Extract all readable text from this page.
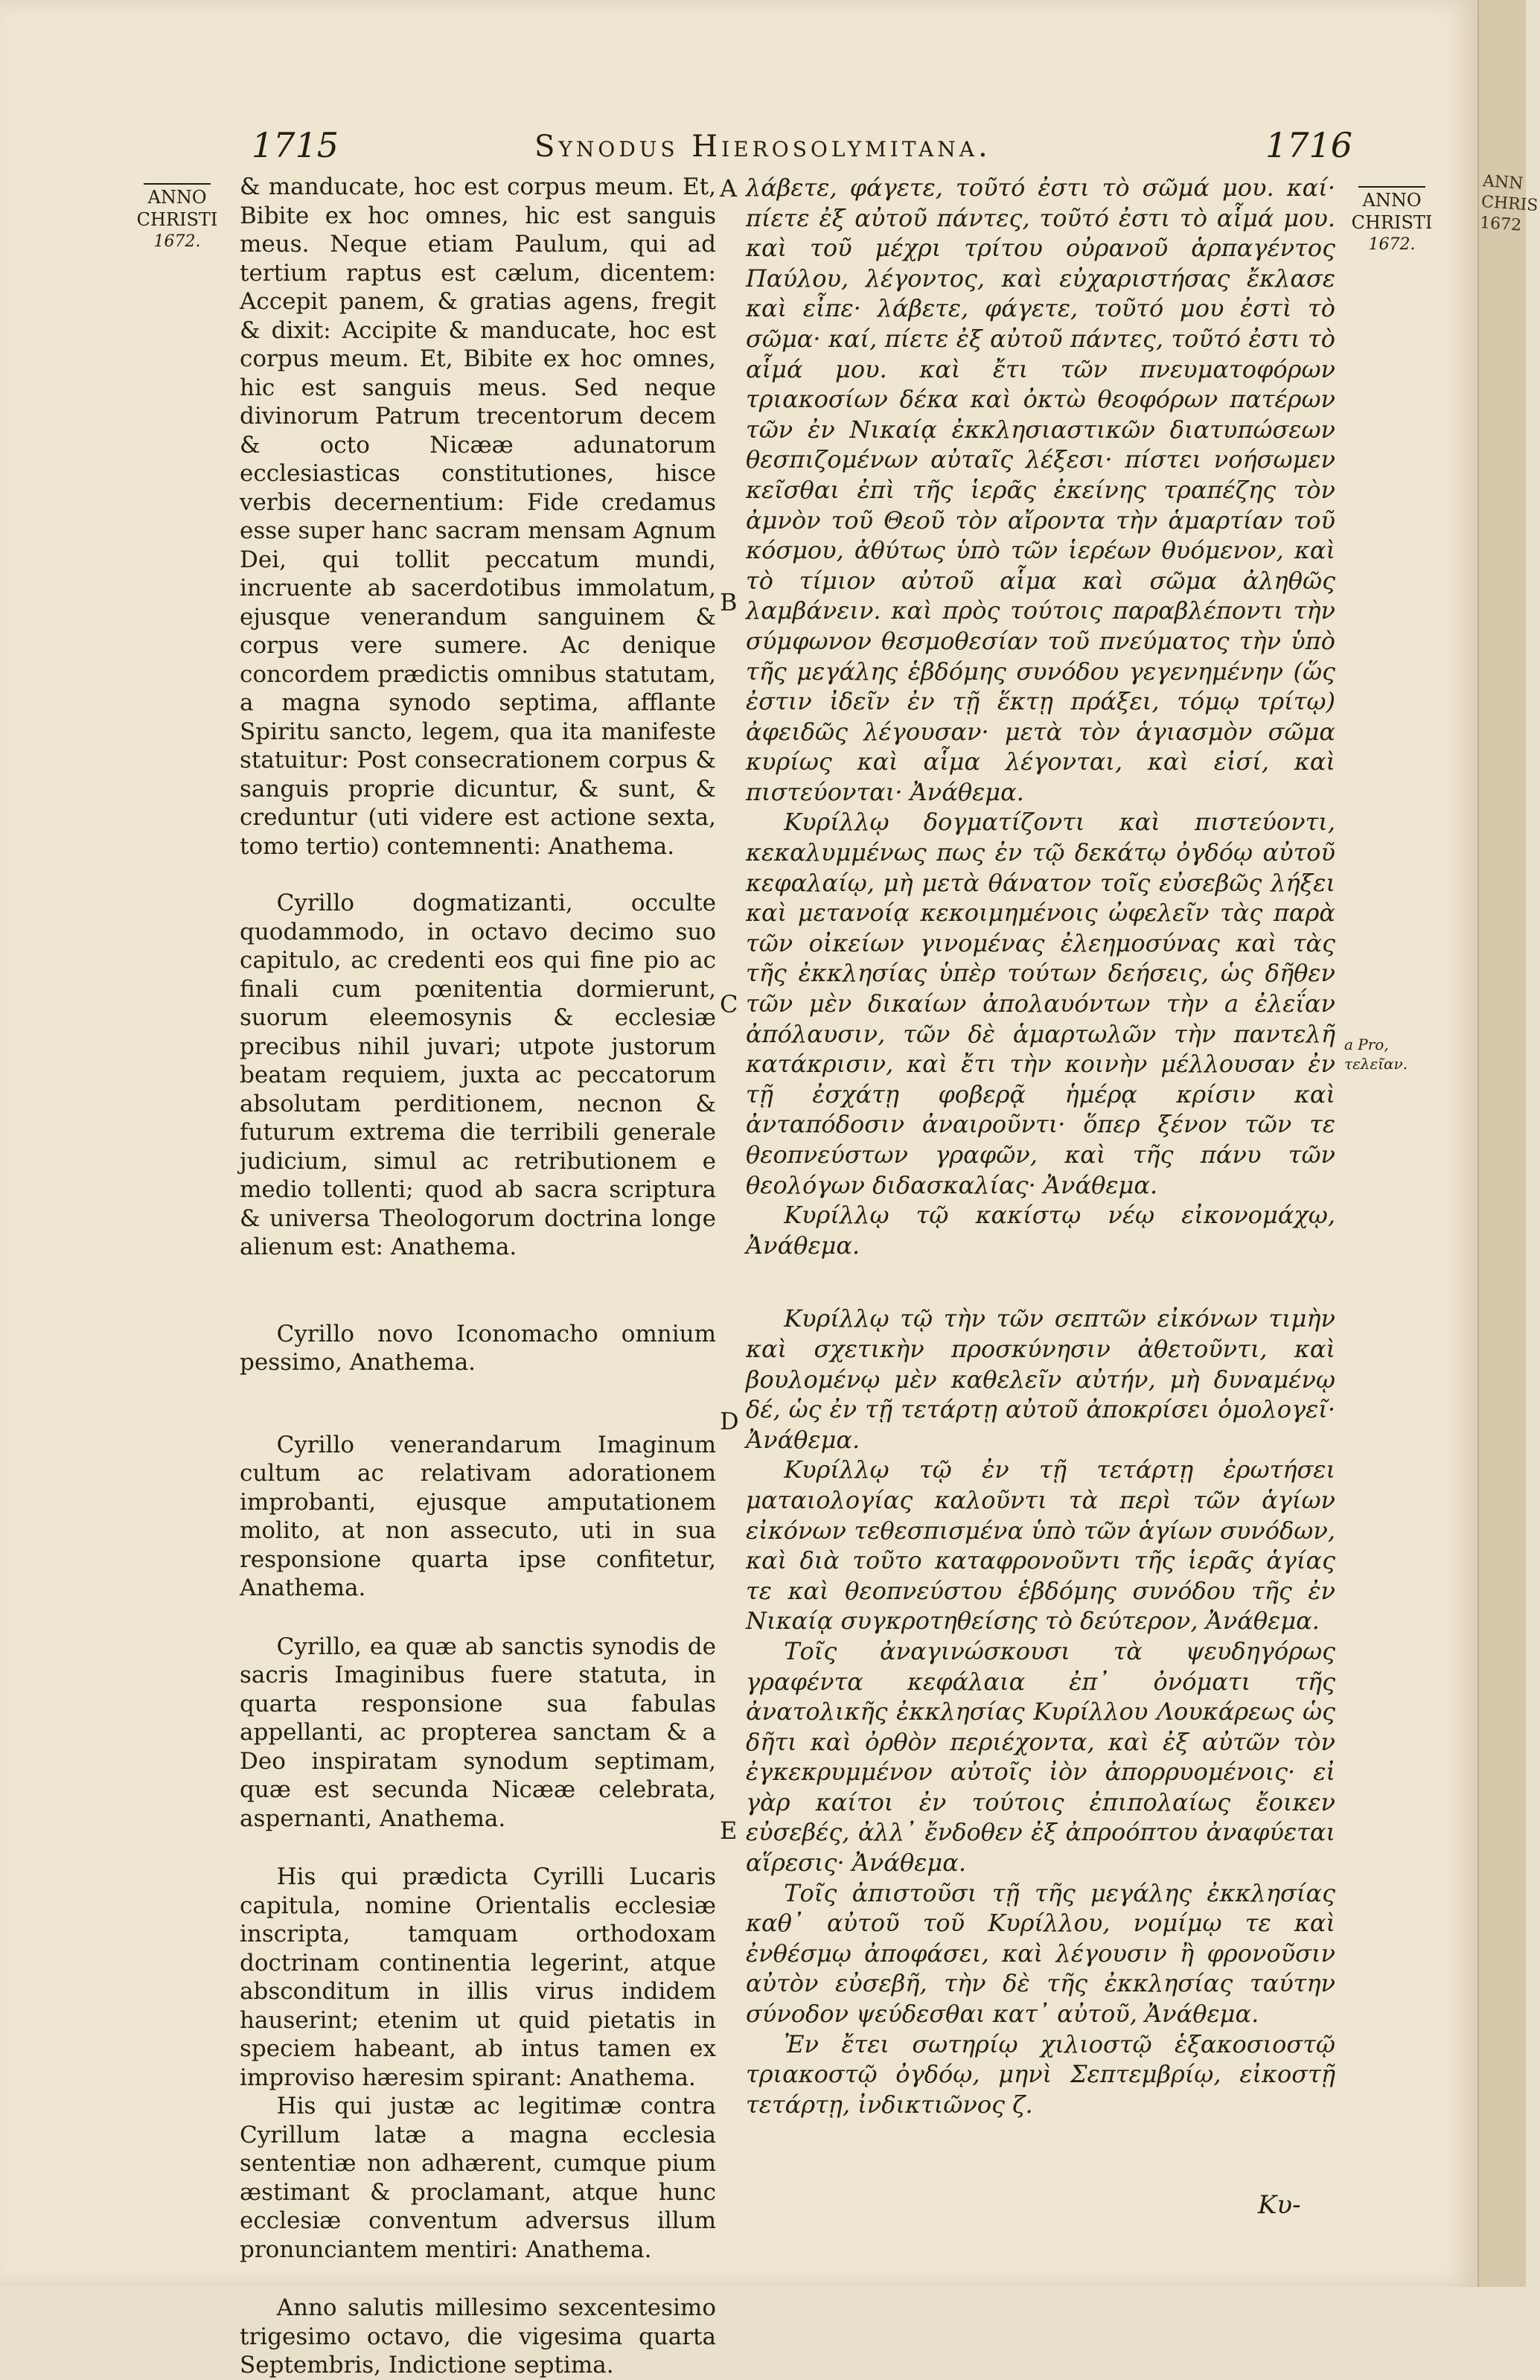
1715	Synodus Hierosolymitana.	1716
ANNO
CHRISTI
1672.
ANNO
CHRISTI
1672.

& manducate, hoc est corpus meum. Et, Bibite ex hoc omnes, hic est sanguis meus. Neque etiam Paulum, qui ad tertium raptus est cælum, dicentem: Accepit panem, & gratias agens, fregit & dixit: Accipite & manducate, hoc est corpus meum. Et, Bibite ex hoc omnes, hic est sanguis meus. Sed neque divinorum Patrum trecentorum decem & octo Nicææ adunatorum ecclesiasticas constitutiones, hisce verbis decernentium: Fide credamus esse super hanc sacram mensam Agnum Dei, qui tollit peccatum mundi, incruente ab sacerdotibus immolatum, ejusque venerandum sanguinem & corpus vere sumere. Ac denique concordem prædictis omnibus statutam, a magna synodo septima, afflante Spiritu sancto, legem, qua ita manifeste statuitur: Post consecrationem corpus & sanguis proprie dicuntur, & sunt, & creduntur (uti videre est actione sexta, tomo tertio) contemnenti: Anathema.

Cyrillo dogmatizanti, occulte quodammodo, in octavo decimo suo capitulo, ac credenti eos qui fine pio ac finali cum pœnitentia dormierunt, suorum eleemosynis & ecclesiæ precibus nihil juvari; utpote justorum beatam requiem, juxta ac peccatorum absolutam perditionem, necnon & futurum extrema die terribili generale judicium, simul ac retributionem e medio tollenti; quod ab sacra scriptura & universa Theologorum doctrina longe alienum est: Anathema.

Cyrillo novo Iconomacho omnium pessimo, Anathema.

Cyrillo venerandarum Imaginum cultum ac relativam adorationem improbanti, ejusque amputationem molito, at non assecuto, uti in sua responsione quarta ipse confitetur, Anathema.

Cyrillo, ea quæ ab sanctis synodis de sacris Imaginibus fuere statuta, in quarta responsione sua fabulas appellanti, ac propterea sanctam & a Deo inspiratam synodum septimam, quæ est secunda Nicææ celebrata, aspernanti, Anathema.

His qui prædicta Cyrilli Lucaris capitula, nomine Orientalis ecclesiæ inscripta, tamquam orthodoxam doctrinam continentia legerint, atque absconditum in illis virus indidem hauserint; etenim ut quid pietatis in speciem habeant, ab intus tamen ex improviso hæresim spirant: Anathema.

His qui justæ ac legitimæ contra Cyrillum latæ a magna ecclesia sententiæ non adhærent, cumque pium æstimant & proclamant, atque hunc ecclesiæ conventum adversus illum pronunciantem mentiri: Anathema.

Anno salutis millesimo sexcentesimo trigesimo octavo, die vigesima quarta Septembris, Indictione septima.

A
B
C
D
E

λάβετε, φάγετε, τοῦτό ἐστι τὸ σῶμά μου. καί· πίετε ἐξ αὐτοῦ πάντες, τοῦτό ἐστι τὸ αἷμά μου. καὶ τοῦ μέχρι τρίτου οὐρανοῦ ἁρπαγέντος Παύλου, λέγοντος, καὶ εὐχαριστήσας ἔκλασε καὶ εἶπε· λάβετε, φάγετε, τοῦτό μου ἐστὶ τὸ σῶμα· καί, πίετε ἐξ αὐτοῦ πάντες, τοῦτό ἐστι τὸ αἷμά μου. καὶ ἔτι τῶν πνευματοφόρων τριακοσίων δέκα καὶ ὀκτὼ θεοφόρων πατέρων τῶν ἐν Νικαίᾳ ἐκκλησιαστικῶν διατυπώσεων θεσπιζομένων αὐταῖς λέξεσι· πίστει νοήσωμεν κεῖσθαι ἐπὶ τῆς ἱερᾶς ἐκείνης τραπέζης τὸν ἀμνὸν τοῦ Θεοῦ τὸν αἴροντα τὴν ἁμαρτίαν τοῦ κόσμου, ἀθύτως ὑπὸ τῶν ἱερέων θυόμενον, καὶ τὸ τίμιον αὐτοῦ αἷμα καὶ σῶμα ἀληθῶς λαμβάνειν. καὶ πρὸς τούτοις παραβλέποντι τὴν σύμφωνον θεσμοθεσίαν τοῦ πνεύματος τὴν ὑπὸ τῆς μεγάλης ἑβδόμης συνόδου γεγενημένην (ὥς ἐστιν ἰδεῖν ἐν τῇ ἕκτῃ πράξει, τόμῳ τρίτῳ) ἀφειδῶς λέγουσαν· μετὰ τὸν ἁγιασμὸν σῶμα κυρίως καὶ αἷμα λέγονται, καὶ εἰσί, καὶ πιστεύονται· Ἀνάθεμα.

Κυρίλλῳ δογματίζοντι καὶ πιστεύοντι, κεκαλυμμένως πως ἐν τῷ δεκάτῳ ὀγδόῳ αὐτοῦ κεφαλαίῳ, μὴ μετὰ θάνατον τοῖς εὐσεβῶς λήξει καὶ μετανοίᾳ κεκοιμημένοις ὠφελεῖν τὰς παρὰ τῶν οἰκείων γινομένας ἐλεημοσύνας καὶ τὰς τῆς ἐκκλησίας ὑπὲρ τούτων δεήσεις, ὡς δῆθεν τῶν μὲν δικαίων ἀπολαυόντων τὴν a ἐλεΐαν ἀπόλαυσιν, τῶν δὲ ἁμαρτωλῶν τὴν παντελῆ κατάκρισιν, καὶ ἔτι τὴν κοινὴν μέλλουσαν ἐν τῇ ἐσχάτῃ φοβερᾷ ἡμέρᾳ κρίσιν καὶ ἀνταπόδοσιν ἀναιροῦντι· ὅπερ ξένον τῶν τε θεοπνεύστων γραφῶν, καὶ τῆς πάνυ τῶν θεολόγων διδασκαλίας· Ἀνάθεμα.

Κυρίλλῳ τῷ κακίστῳ νέῳ εἰκονομάχῳ, Ἀνάθεμα.

Κυρίλλῳ τῷ τὴν τῶν σεπτῶν εἰκόνων τιμὴν καὶ σχετικὴν προσκύνησιν ἀθετοῦντι, καὶ βουλομένῳ μὲν καθελεῖν αὐτήν, μὴ δυναμένῳ δέ, ὡς ἐν τῇ τετάρτῃ αὐτοῦ ἀποκρίσει ὁμολογεῖ· Ἀνάθεμα.

Κυρίλλῳ τῷ ἐν τῇ τετάρτῃ ἐρωτήσει ματαιολογίας καλοῦντι τὰ περὶ τῶν ἁγίων εἰκόνων τεθεσπισμένα ὑπὸ τῶν ἁγίων συνόδων, καὶ διὰ τοῦτο καταφρονοῦντι τῆς ἱερᾶς ἁγίας τε καὶ θεοπνεύστου ἑβδόμης συνόδου τῆς ἐν Νικαίᾳ συγκροτηθείσης τὸ δεύτερον, Ἀνάθεμα.

Τοῖς ἀναγινώσκουσι τὰ ψευδηγόρως γραφέντα κεφάλαια ἐπ᾽ ὀνόματι τῆς ἀνατολικῆς ἐκκλησίας Κυρίλλου Λουκάρεως ὡς δῆτι καὶ ὀρθὸν περιέχοντα, καὶ ἐξ αὐτῶν τὸν ἐγκεκρυμμένον αὐτοῖς ἰὸν ἀπορρυομένοις· εἰ γὰρ καίτοι ἐν τούτοις ἐπιπολαίως ἔοικεν εὐσεβές, ἀλλ᾽ ἔνδοθεν ἐξ ἀπροόπτου ἀναφύεται αἵρεσις· Ἀνάθεμα.

Τοῖς ἀπιστοῦσι τῇ τῆς μεγάλης ἐκκλησίας καθ᾽ αὐτοῦ τοῦ Κυρίλλου, νομίμῳ τε καὶ ἐνθέσμῳ ἀποφάσει, καὶ λέγουσιν ἢ φρονοῦσιν αὐτὸν εὐσεβῆ, τὴν δὲ τῆς ἐκκλησίας ταύτην σύνοδον ψεύδεσθαι κατ᾽ αὐτοῦ, Ἀνάθεμα.

Ἐν ἔτει σωτηρίῳ χιλιοστῷ ἑξακοσιοστῷ τριακοστῷ ὀγδόῳ, μηνὶ Σεπτεμβρίῳ, εἰκοστῇ τετάρτῃ, ἰνδικτιῶνος ζ.

a Pro, τελεῖαν.
Κυ-
ANN
CHRIS
1672
